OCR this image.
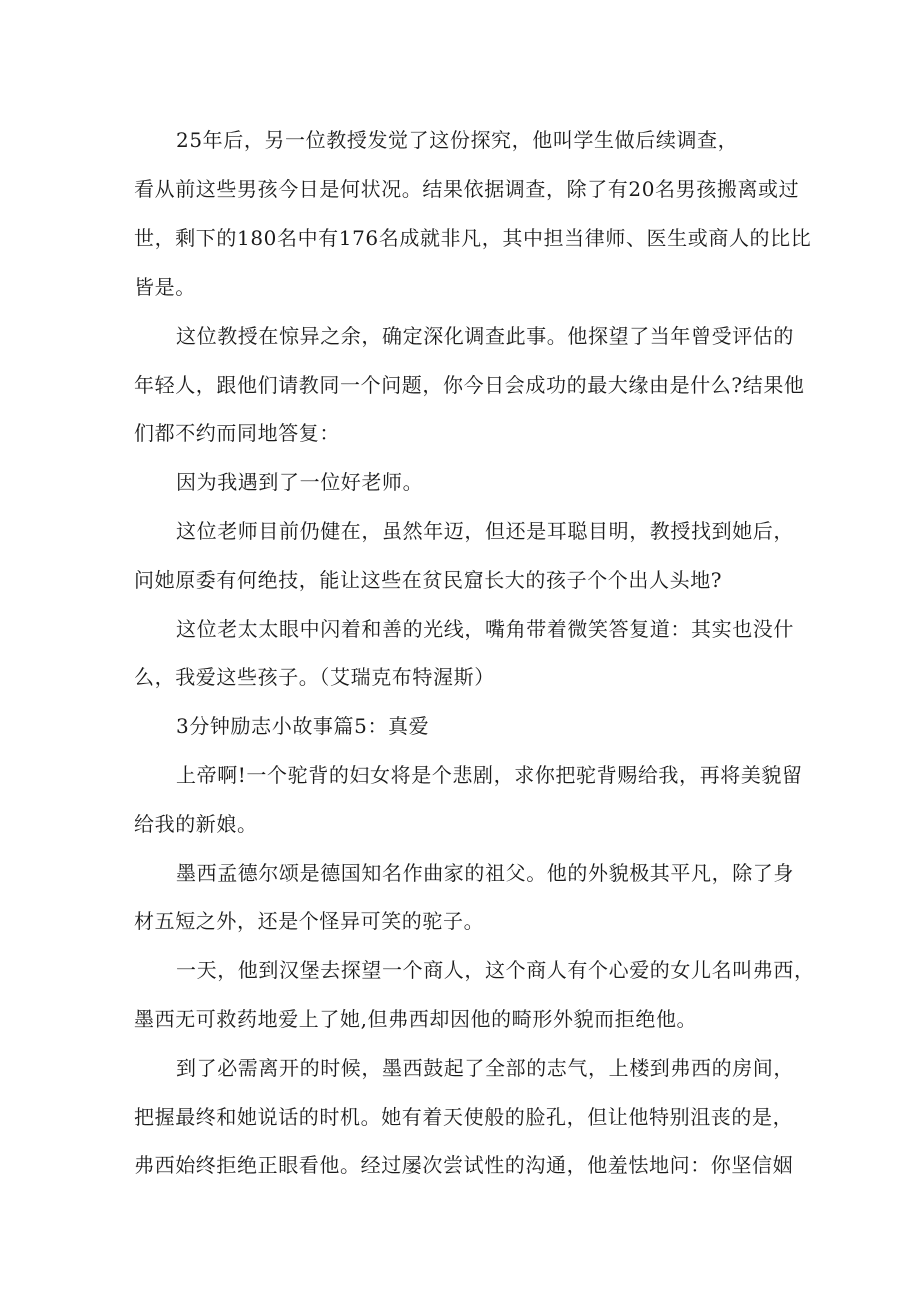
25年后，另一位教授发觉了这份探究，他叫学生做后续调查，

看从前这些男孩今日是何状况。结果依据调查，除了有20名男孩搬离或过

世，剩下的180名中有176名成就非凡，其中担当律师、医生或商人的比比

皆是。

这位教授在惊异之余，确定深化调查此事。他探望了当年曾受评估的

年轻人，跟他们请教同一个问题，你今日会成功的最大缘由是什么?结果他

们都不约而同地答复：

因为我遇到了一位好老师。

这位老师目前仍健在，虽然年迈，但还是耳聪目明，教授找到她后，

问她原委有何绝技，能让这些在贫民窟长大的孩子个个出人头地?

这位老太太眼中闪着和善的光线，嘴角带着微笑答复道：其实也没什

么，我爱这些孩子。（艾瑞克布特渥斯）

3分钟励志小故事篇5：真爱

上帝啊!一个驼背的妇女将是个悲剧，求你把驼背赐给我，再将美貌留

给我的新娘。

墨西孟德尔颂是德国知名作曲家的祖父。他的外貌极其平凡，除了身

材五短之外，还是个怪异可笑的驼子。

一天，他到汉堡去探望一个商人，这个商人有个心爱的女儿名叫弗西，

墨西无可救药地爱上了她,但弗西却因他的畸形外貌而拒绝他。

到了必需离开的时候，墨西鼓起了全部的志气，上楼到弗西的房间，

把握最终和她说话的时机。她有着天使般的脸孔，但让他特别沮丧的是，

弗西始终拒绝正眼看他。经过屡次尝试性的沟通，他羞怯地问：你坚信姻
